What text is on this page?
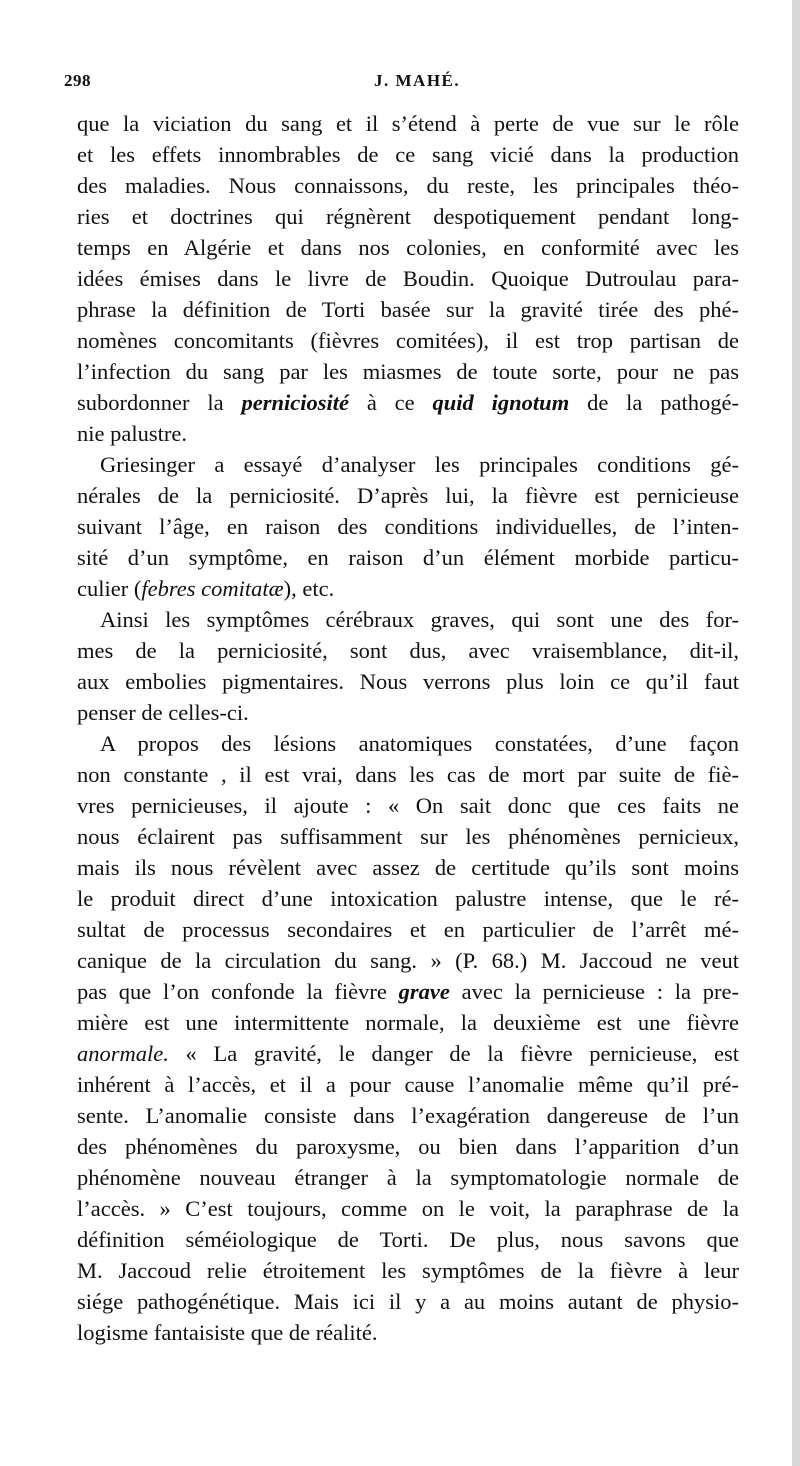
298	J. MAHÉ.
que la viciation du sang et il s’étend à perte de vue sur le rôle
et les effets innombrables de ce sang vicié dans la production
des maladies. Nous connaissons, du reste, les principales théo-
ries et doctrines qui régnèrent despotiquement pendant long-
temps en Algérie et dans nos colonies, en conformité avec les
idées émises dans le livre de Boudin. Quoique Dutroulau para-
phrase la définition de Torti basée sur la gravité tirée des phé-
nomènes concomitants (fièvres comitées), il est trop partisan de
l’infection du sang par les miasmes de toute sorte, pour ne pas
subordonner la perniciosité à ce quid ignotum de la pathogé-
nie palustre.
Griesinger a essayé d’analyser les principales conditions gé-
nérales de la perniciosité. D’après lui, la fièvre est pernicieuse
suivant l’âge, en raison des conditions individuelles, de l’inten-
sité d’un symptôme, en raison d’un élément morbide particu-
culier (febres comitatæ), etc.
Ainsi les symptômes cérébraux graves, qui sont une des for-
mes de la perniciosité, sont dus, avec vraisemblance, dit-il,
aux embolies pigmentaires. Nous verrons plus loin ce qu’il faut
penser de celles-ci.
A propos des lésions anatomiques constatées, d’une façon
non constante , il est vrai, dans les cas de mort par suite de fiè-
vres pernicieuses, il ajoute : « On sait donc que ces faits ne
nous éclairent pas suffisamment sur les phénomènes pernicieux,
mais ils nous révèlent avec assez de certitude qu’ils sont moins
le produit direct d’une intoxication palustre intense, que le ré-
sultat de processus secondaires et en particulier de l’arrêt mé-
canique de la circulation du sang. » (P. 68.) M. Jaccoud ne veut
pas que l’on confonde la fièvre grave avec la pernicieuse : la pre-
mière est une intermittente normale, la deuxième est une fièvre
anormale. « La gravité, le danger de la fièvre pernicieuse, est
inhérent à l’accès, et il a pour cause l’anomalie même qu’il pré-
sente. L’anomalie consiste dans l’exagération dangereuse de l’un
des phénomènes du paroxysme, ou bien dans l’apparition d’un
phénomène nouveau étranger à la symptomatologie normale de
l’accès. » C’est toujours, comme on le voit, la paraphrase de la
définition séméiologique de Torti. De plus, nous savons que
M. Jaccoud relie étroitement les symptômes de la fièvre à leur
siége pathogénétique. Mais ici il y a au moins autant de physio-
logisme fantaisiste que de réalité.
